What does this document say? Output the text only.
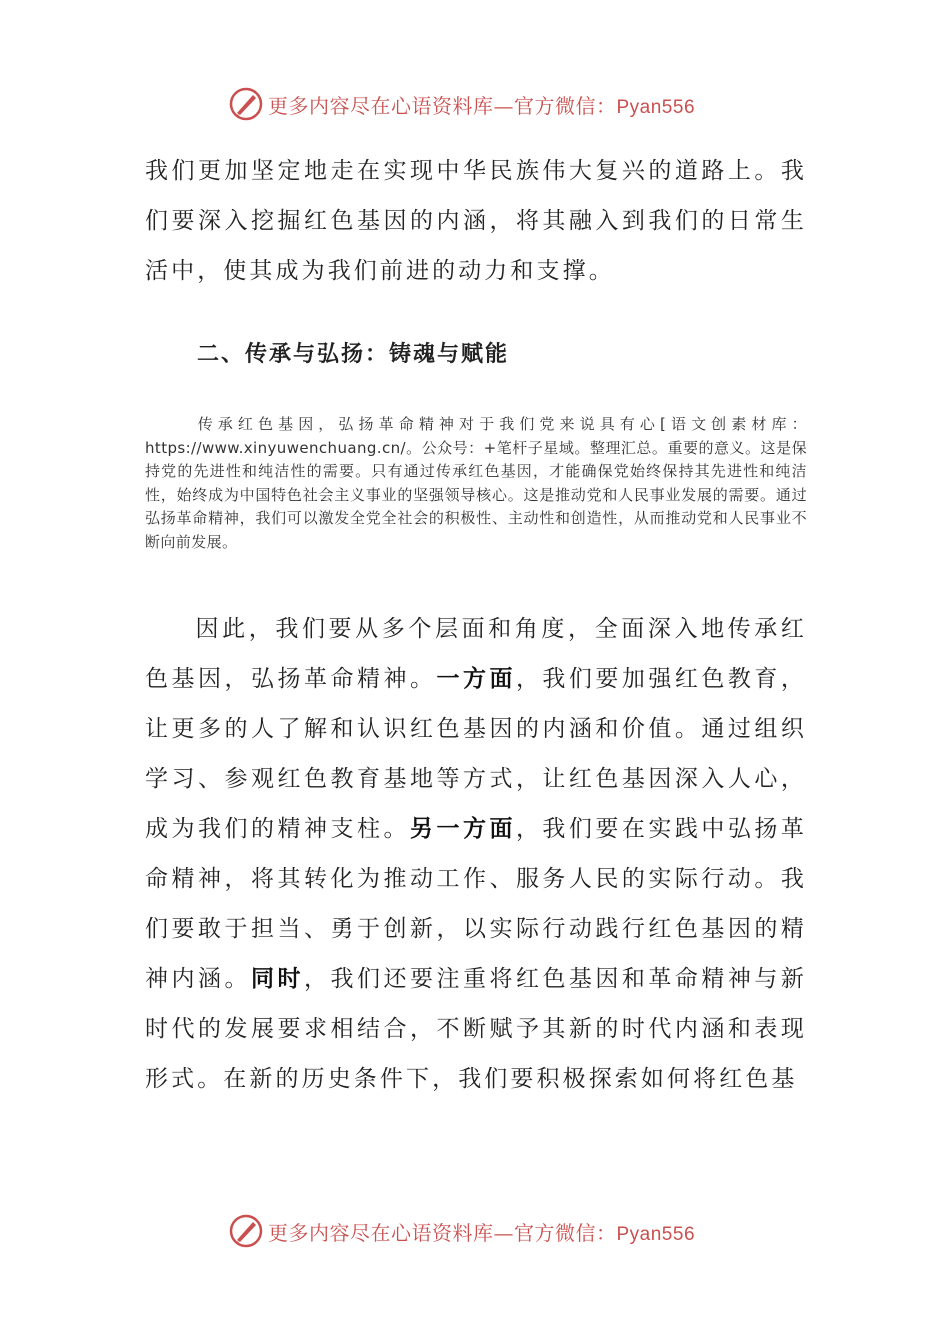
更多内容尽在心语资料库—官方微信：Pyan556
我们更加坚定地走在实现中华民族伟大复兴的道路上。我们要深入挖掘红色基因的内涵，将其融入到我们的日常生活中，使其成为我们前进的动力和支撑。
二、传承与弘扬：铸魂与赋能
传承红色基因，弘扬革命精神对于我们党来说具有心[语文创素材库：https://www.xinyuwenchuang.cn/。公众号：+笔杆子星域。整理汇总。重要的意义。这是保持党的先进性和纯洁性的需要。只有通过传承红色基因，才能确保党始终保持其先进性和纯洁性，始终成为中国特色社会主义事业的坚强领导核心。这是推动党和人民事业发展的需要。通过弘扬革命精神，我们可以激发全党全社会的积极性、主动性和创造性，从而推动党和人民事业不断向前发展。
因此，我们要从多个层面和角度，全面深入地传承红色基因，弘扬革命精神。一方面，我们要加强红色教育，让更多的人了解和认识红色基因的内涵和价值。通过组织学习、参观红色教育基地等方式，让红色基因深入人心，成为我们的精神支柱。另一方面，我们要在实践中弘扬革命精神，将其转化为推动工作、服务人民的实际行动。我们要敢于担当、勇于创新，以实际行动践行红色基因的精神内涵。同时，我们还要注重将红色基因和革命精神与新时代的发展要求相结合，不断赋予其新的时代内涵和表现形式。在新的历史条件下，我们要积极探索如何将红色基
更多内容尽在心语资料库—官方微信：Pyan556
